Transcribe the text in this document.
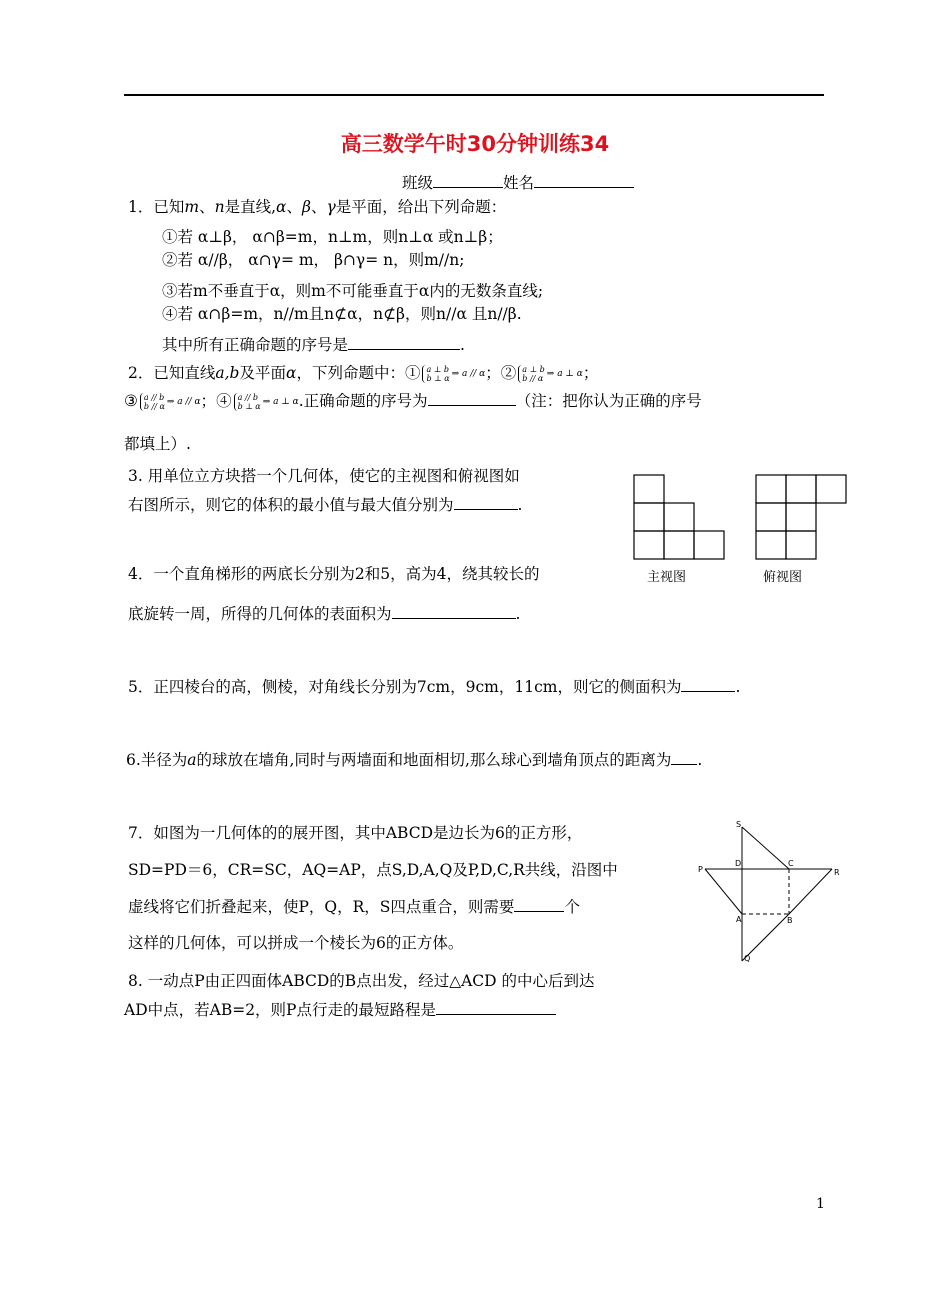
高三数学午时30分钟训练34
班级	姓名
1．已知m、n是直线,α、β、γ是平面，给出下列命题：
①若 α⊥β， α∩β=m，n⊥m，则n⊥α 或n⊥β；
②若 α//β， α∩γ= m， β∩γ= n，则m//n;
③若m不垂直于α，则m不可能垂直于α内的无数条直线;
④若 α∩β=m，n//m且n⊄α，n⊄β，则n//α 且n//β.
其中所有正确命题的序号是	.
2．已知直线a,b及平面α，下列命题中：① a ⊥ b
b ⊥ α ⇒ a // α；② a ⊥ b
b // α ⇒ a ⊥ α；
③ a // b
b // α ⇒ a // α；④ a // b
b ⊥ α ⇒ a ⊥ α.正确命题的序号为	（注：把你认为正确的序号
都填上）.
3. 用单位立方块搭一个几何体，使它的主视图和俯视图如
右图所示，则它的体积的最小值与最大值分别为	.
主视图	俯视图
4．一个直角梯形的两底长分别为2和5，高为4，绕其较长的
底旋转一周，所得的几何体的表面积为	.
5．正四棱台的高，侧棱，对角线长分别为7cm，9cm，11cm，则它的侧面积为	.
6.半径为a的球放在墙角,同时与两墙面和地面相切,那么球心到墙角顶点的距离为 .
7．如图为一几何体的的展开图，其中ABCD是边长为6的正方形，
SD=PD＝6，CR=SC，AQ=AP，点S,D,A,Q及P,D,C,R共线，沿图中
虚线将它们折叠起来，使P，Q，R，S四点重合，则需要	个
这样的几何体，可以拼成一个棱长为6的正方体。
S
P
D	C
R
A	B
Q
8. 一动点P由正四面体ABCD的B点出发，经过△ACD 的中心后到达
AD中点，若AB=2，则P点行走的最短路程是
1
